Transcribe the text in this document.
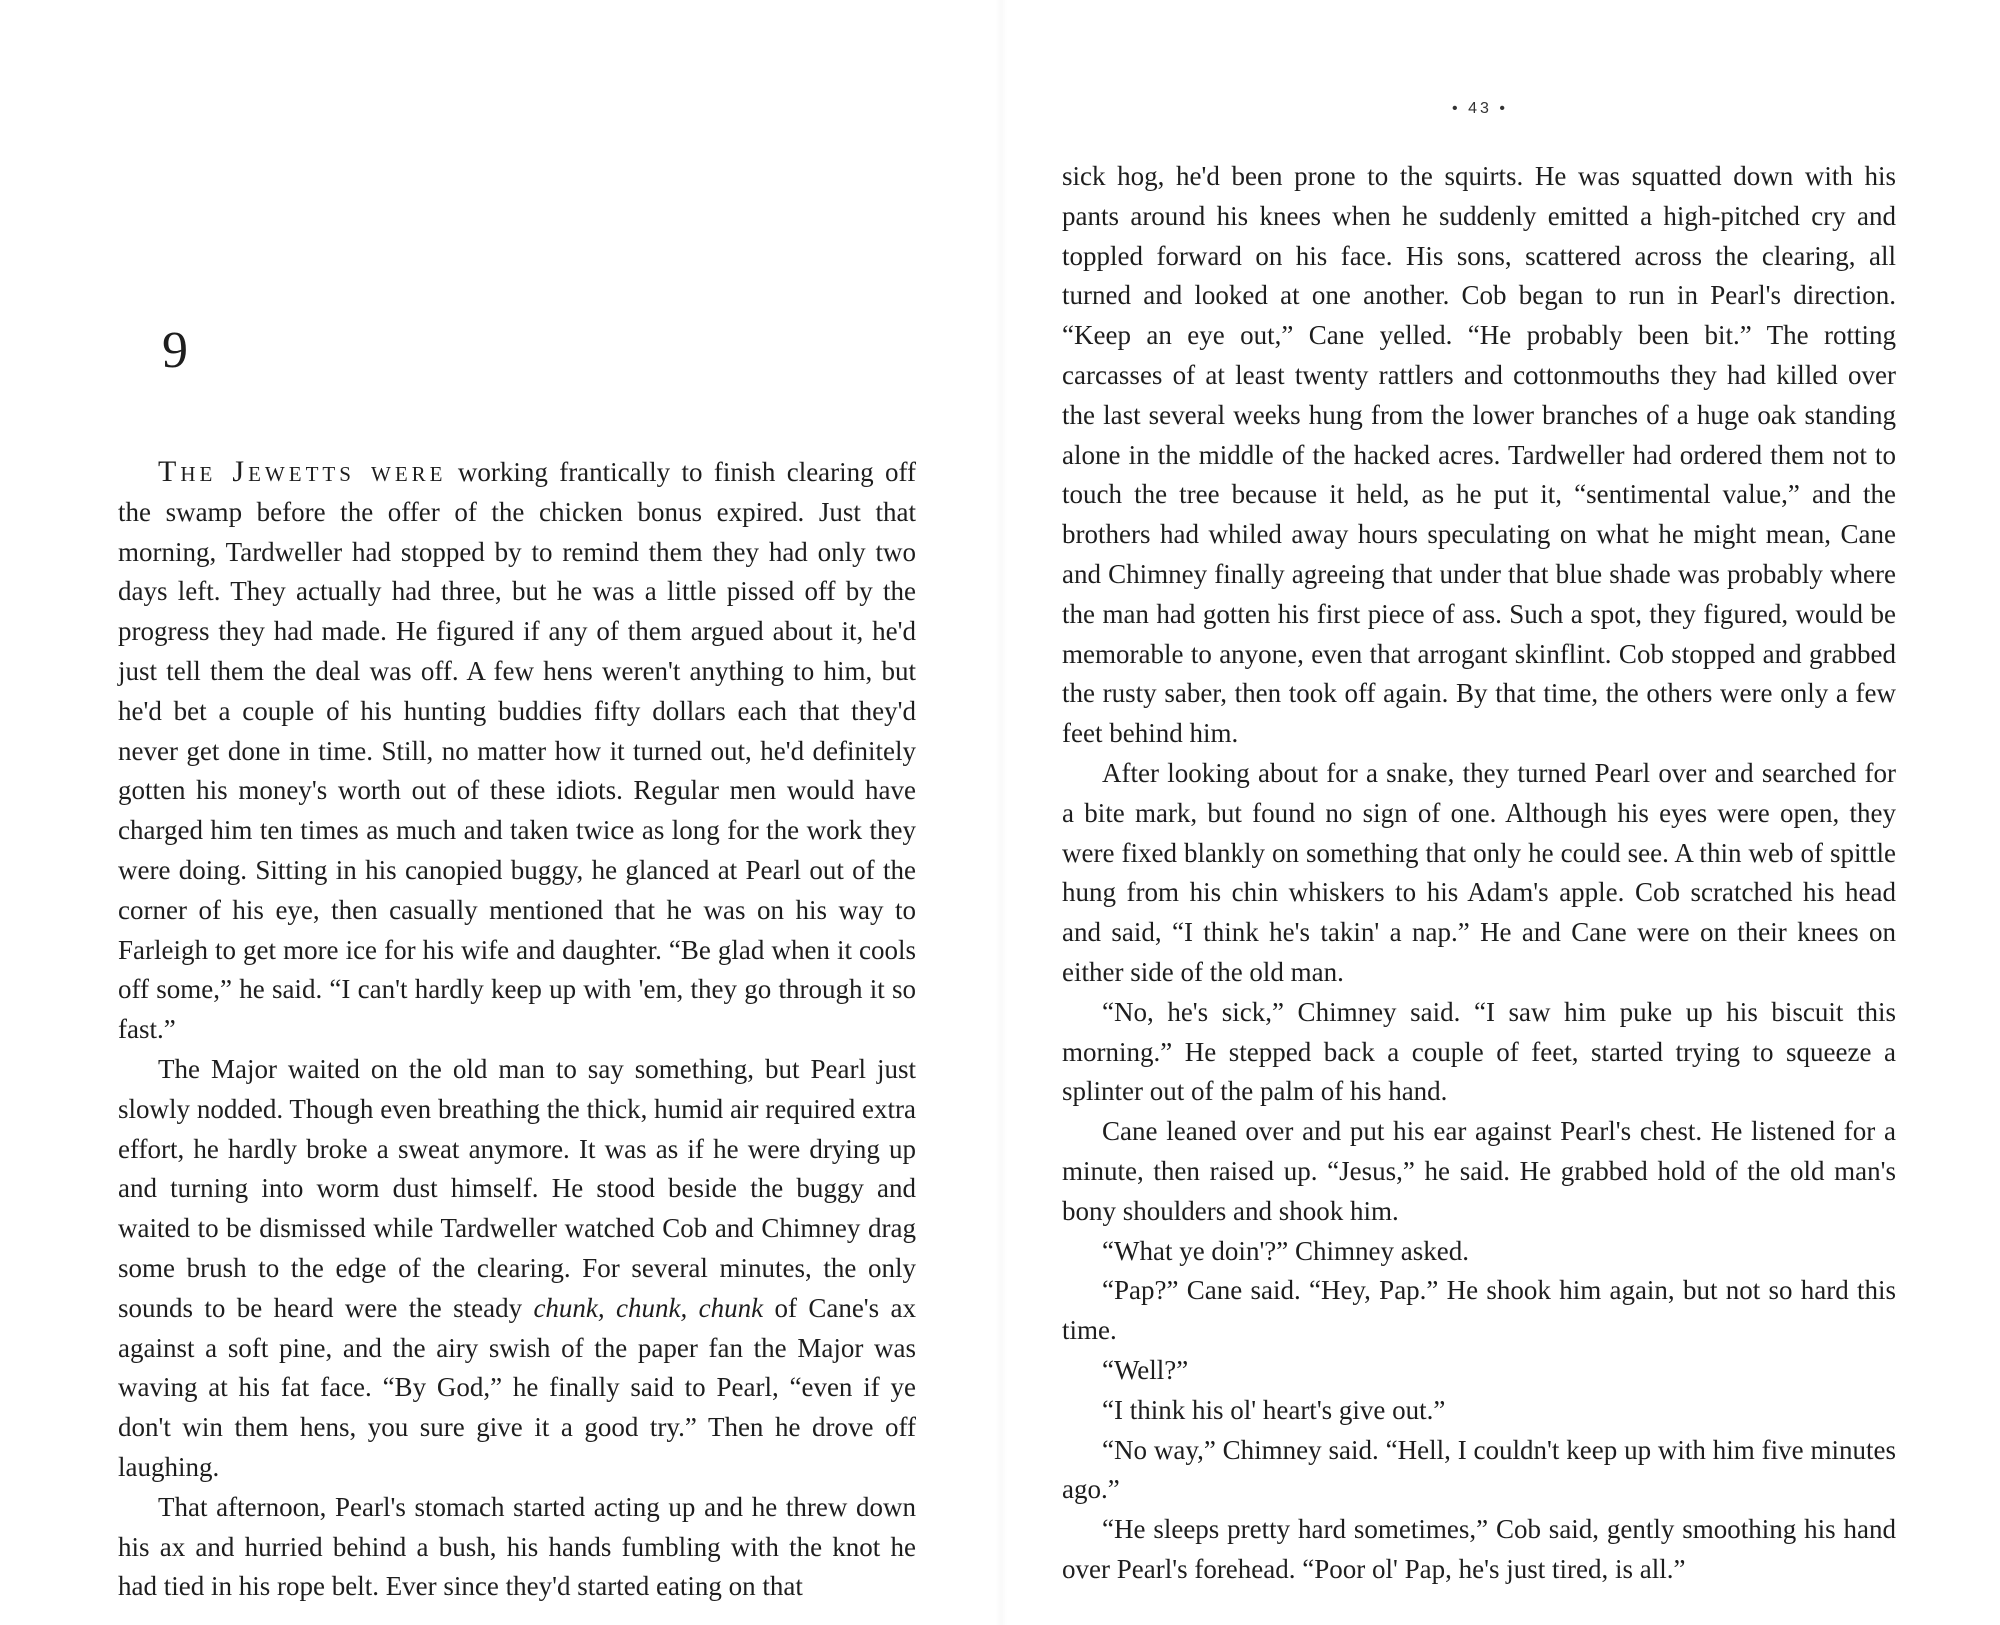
9

The Jewetts were working frantically to finish clearing off the swamp before the offer of the chicken bonus expired. Just that morning, Tardweller had stopped by to remind them they had only two days left. They actually had three, but he was a little pissed off by the progress they had made. He figured if any of them argued about it, he'd just tell them the deal was off. A few hens weren't anything to him, but he'd bet a couple of his hunting buddies fifty dollars each that they'd never get done in time. Still, no matter how it turned out, he'd definitely gotten his money's worth out of these idiots. Regular men would have charged him ten times as much and taken twice as long for the work they were doing. Sitting in his canopied buggy, he glanced at Pearl out of the corner of his eye, then casually mentioned that he was on his way to Farleigh to get more ice for his wife and daughter. “Be glad when it cools off some,” he said. “I can't hardly keep up with 'em, they go through it so fast.”

The Major waited on the old man to say something, but Pearl just slowly nodded. Though even breathing the thick, humid air required extra effort, he hardly broke a sweat anymore. It was as if he were drying up and turning into worm dust himself. He stood beside the buggy and waited to be dismissed while Tardweller watched Cob and Chimney drag some brush to the edge of the clearing. For several minutes, the only sounds to be heard were the steady chunk, chunk, chunk of Cane's ax against a soft pine, and the airy swish of the paper fan the Major was waving at his fat face. “By God,” he finally said to Pearl, “even if ye don't win them hens, you sure give it a good try.” Then he drove off laughing.

That afternoon, Pearl's stomach started acting up and he threw down his ax and hurried behind a bush, his hands fumbling with the knot he had tied in his rope belt. Ever since they'd started eating on that

• 43 •

sick hog, he'd been prone to the squirts. He was squatted down with his pants around his knees when he suddenly emitted a high-pitched cry and toppled forward on his face. His sons, scattered across the clearing, all turned and looked at one another. Cob began to run in Pearl's direction. “Keep an eye out,” Cane yelled. “He probably been bit.” The rotting carcasses of at least twenty rattlers and cottonmouths they had killed over the last several weeks hung from the lower branches of a huge oak standing alone in the middle of the hacked acres. Tardweller had ordered them not to touch the tree because it held, as he put it, “sentimental value,” and the brothers had whiled away hours speculating on what he might mean, Cane and Chimney finally agreeing that under that blue shade was probably where the man had gotten his first piece of ass. Such a spot, they figured, would be memorable to anyone, even that arrogant skinflint. Cob stopped and grabbed the rusty saber, then took off again. By that time, the others were only a few feet behind him.

After looking about for a snake, they turned Pearl over and searched for a bite mark, but found no sign of one. Although his eyes were open, they were fixed blankly on something that only he could see. A thin web of spittle hung from his chin whiskers to his Adam's apple. Cob scratched his head and said, “I think he's takin' a nap.” He and Cane were on their knees on either side of the old man.

“No, he's sick,” Chimney said. “I saw him puke up his biscuit this morning.” He stepped back a couple of feet, started trying to squeeze a splinter out of the palm of his hand.

Cane leaned over and put his ear against Pearl's chest. He listened for a minute, then raised up. “Jesus,” he said. He grabbed hold of the old man's bony shoulders and shook him.

“What ye doin'?” Chimney asked.

“Pap?” Cane said. “Hey, Pap.” He shook him again, but not so hard this time.

“Well?”

“I think his ol' heart's give out.”

“No way,” Chimney said. “Hell, I couldn't keep up with him five minutes ago.”

“He sleeps pretty hard sometimes,” Cob said, gently smoothing his hand over Pearl's forehead. “Poor ol' Pap, he's just tired, is all.”
